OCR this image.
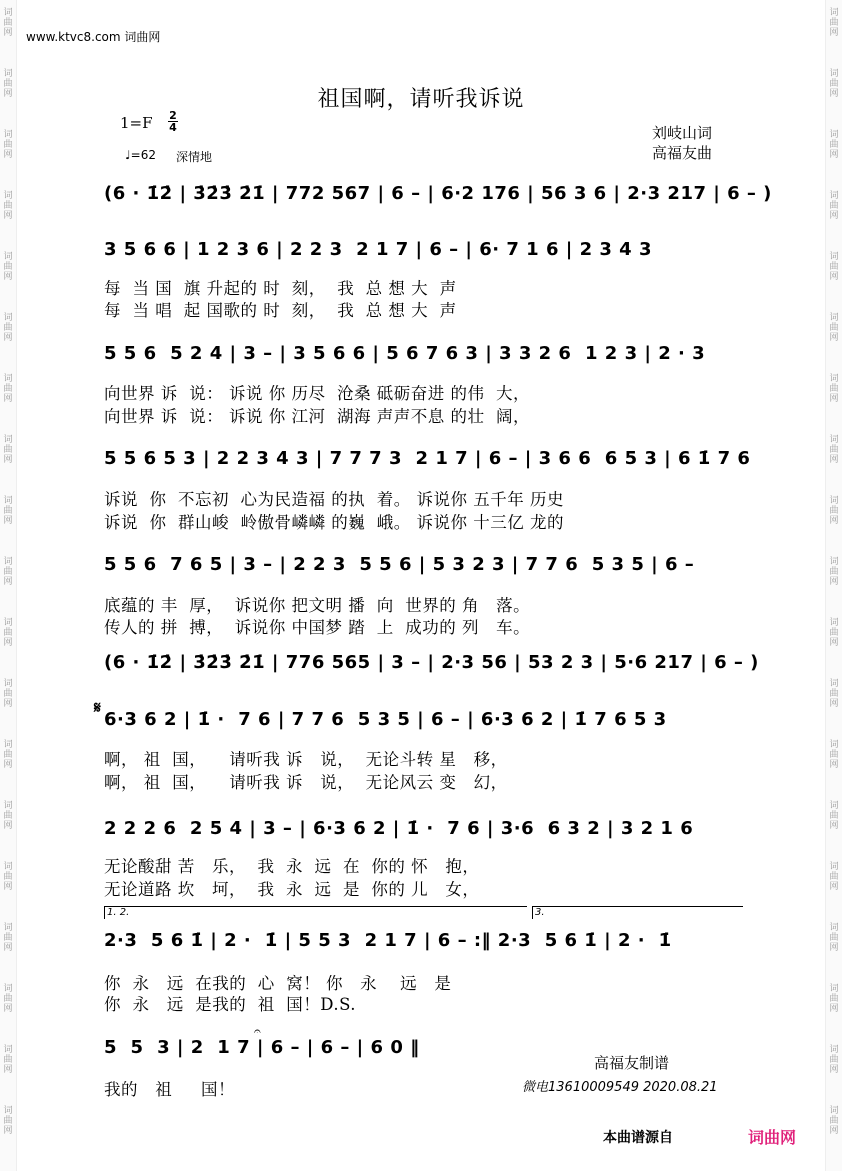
词
曲
网
词
曲
网
词
曲
网
词
曲
网
词
曲
网
词
曲
网
词
曲
网
词
曲
网
词
曲
网
词
曲
网
词
曲
网
词
曲
网
词
曲
网
词
曲
网
词
曲
网
词
曲
网
词
曲
网
词
曲
网
词
曲
网
词
曲
网
词
曲
网
词
曲
网
词
曲
网
词
曲
网
词
曲
网
词
曲
网
词
曲
网
词
曲
网
词
曲
网
词
曲
网
词
曲
网
词
曲
网
词
曲
网
词
曲
网
词
曲
网
词
曲
网
词
曲
网
词
曲
网
www.ktvc8.com 词曲网
祖国啊，请听我诉说
1=F 2
4
♩=62 深情地
刘岐山词
高福友曲
𝄋
(6 · 1̇2̇ | 3̇2̇3̇ 2̇1̇ | 772 567 | 6 – | 6·2 176 | 56 3 6 | 2·3 217 | 6 – )
3 5 6 6 | 1 2 3 6 | 2 2 3  2 1 7 | 6 – | 6· 7 1 6 | 2 3 4 3
每  当 国  旗 升起的 时  刻，  我  总 想 大  声
每  当 唱  起 国歌的 时  刻，  我  总 想 大  声
5 5 6  5 2 4 | 3 – | 3 5 6 6 | 5 6 7 6 3 | 3 3 2 6  1 2 3 | 2 · 3
向世界 诉  说： 诉说 你 历尽  沧桑 砥砺奋进 的伟  大，
向世界 诉  说： 诉说 你 江河  湖海 声声不息 的壮  阔，
5 5 6 5 3 | 2 2 3 4 3 | 7 7 7 3  2 1 7 | 6 – | 3 6 6  6 5 3 | 6 1̇ 7 6
诉说  你  不忘初  心为民造福 的执  着。 诉说你 五千年 历史
诉说  你  群山峻  岭傲骨嶙嶙 的巍  峨。 诉说你 十三亿 龙的
5 5 6  7 6 5 | 3 – | 2 2 3  5 5 6 | 5 3 2 3 | 7 7 6  5 3 5 | 6 –
底蕴的 丰  厚，  诉说你 把文明 播  向  世界的 角   落。
传人的 拼  搏，  诉说你 中国梦 踏  上  成功的 列   车。
(6 · 1̇2̇ | 3̇2̇3̇ 2̇1̇ | 776 565 | 3 – | 2·3 56 | 53 2 3 | 5·6 217 | 6 – )
6·3 6 2 | 1̇ ·  7 6 | 7 7 6  5 3 5 | 6 – | 6·3 6 2 | 1̇ 7 6 5 3
啊， 祖  国，    请听我 诉   说，  无论斗转 星   移，
啊， 祖  国，    请听我 诉   说，  无论风云 变   幻，
2 2 2 6  2 5 4 | 3 – | 6·3 6 2 | 1̇ ·  7 6 | 3·6  6 3 2 | 3 2 1 6
无论酸甜 苦   乐，  我  永  远  在  你的 怀   抱，
无论道路 坎   坷，  我  永  远  是  你的 儿   女，
1. 2.	3.
2·3  5 6 1̇ | 2 ·  1̇ | 5 5 3  2 1 7 | 6 – :‖ 2·3  5 6 1̇ | 2 ·  1̇
你  永   远  在我的  心  窝！ 你   永    远   是
你  永   远  是我的  祖  国！D.S.
5  5  3 | 2  1 7 | 6 – | 6 – | 6 0 ‖
𝄐
我的   祖     国！
高福友制谱
微电13610009549 2020.08.21
本曲谱源自	词曲网
